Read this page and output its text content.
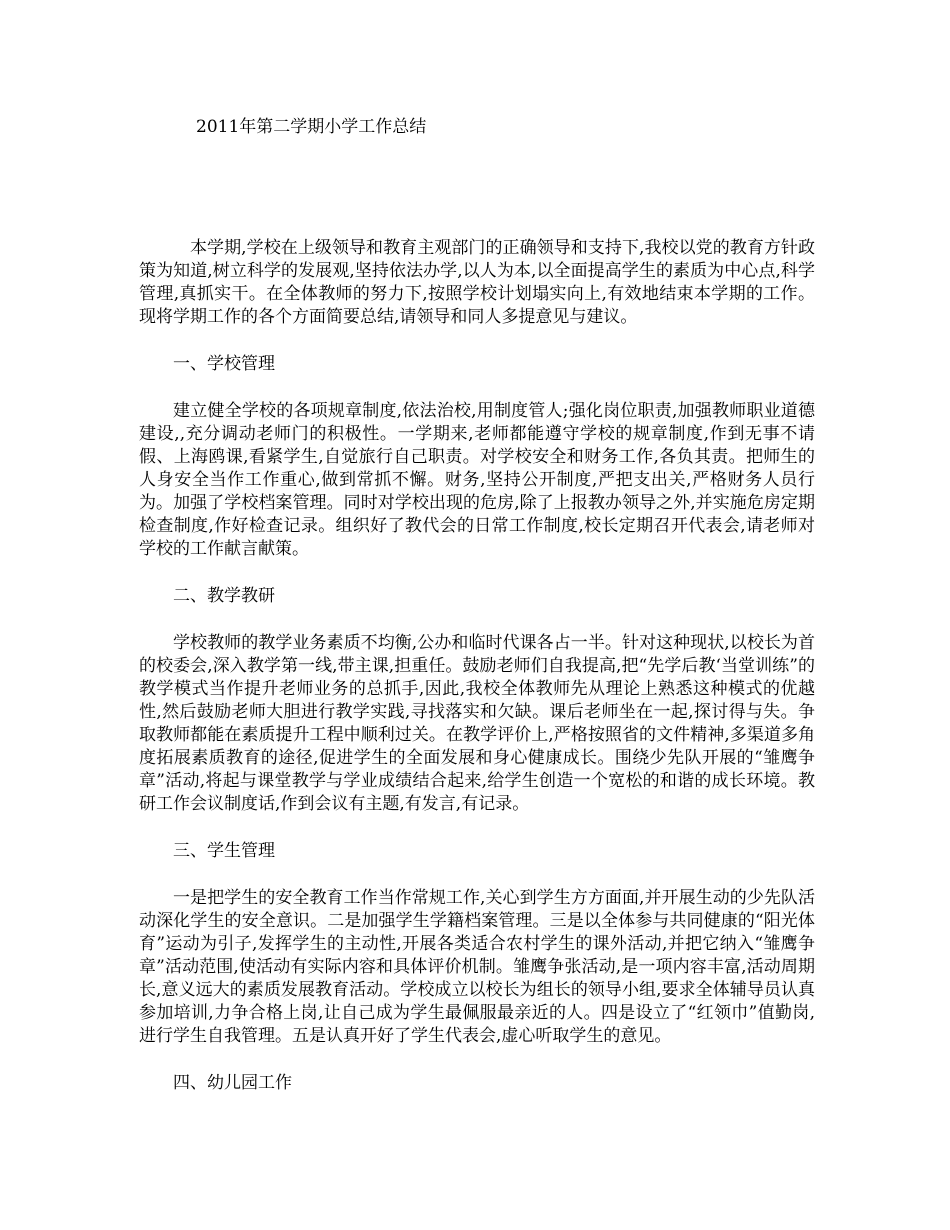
2011年第二学期小学工作总结

本学期,学校在上级领导和教育主观部门的正确领导和支持下,我校以党的教育方针政策为知道,树立科学的发展观,坚持依法办学,以人为本,以全面提高学生的素质为中心点,科学管理,真抓实干。在全体教师的努力下,按照学校计划塌实向上,有效地结束本学期的工作。现将学期工作的各个方面简要总结,请领导和同人多提意见与建议。

一、学校管理

建立健全学校的各项规章制度,依法治校,用制度管人;强化岗位职责,加强教师职业道德建设,,充分调动老师门的积极性。一学期来,老师都能遵守学校的规章制度,作到无事不请假、上海鸥课,看紧学生,自觉旅行自己职责。对学校安全和财务工作,各负其责。把师生的人身安全当作工作重心,做到常抓不懈。财务,坚持公开制度,严把支出关,严格财务人员行为。加强了学校档案管理。同时对学校出现的危房,除了上报教办领导之外,并实施危房定期检查制度,作好检查记录。组织好了教代会的日常工作制度,校长定期召开代表会,请老师对学校的工作献言献策。

二、教学教研

学校教师的教学业务素质不均衡,公办和临时代课各占一半。针对这种现状,以校长为首的校委会,深入教学第一线,带主课,担重任。鼓励老师们自我提高,把“先学后教‘当堂训练”的教学模式当作提升老师业务的总抓手,因此,我校全体教师先从理论上熟悉这种模式的优越性,然后鼓励老师大胆进行教学实践,寻找落实和欠缺。课后老师坐在一起,探讨得与失。争取教师都能在素质提升工程中顺利过关。在教学评价上,严格按照省的文件精神,多渠道多角度拓展素质教育的途径,促进学生的全面发展和身心健康成长。围绕少先队开展的“雏鹰争章”活动,将起与课堂教学与学业成绩结合起来,给学生创造一个宽松的和谐的成长环境。教研工作会议制度话,作到会议有主题,有发言,有记录。

三、学生管理

一是把学生的安全教育工作当作常规工作,关心到学生方方面面,并开展生动的少先队活动深化学生的安全意识。二是加强学生学籍档案管理。三是以全体参与共同健康的“阳光体育”运动为引子,发挥学生的主动性,开展各类适合农村学生的课外活动,并把它纳入“雏鹰争章”活动范围,使活动有实际内容和具体评价机制。雏鹰争张活动,是一项内容丰富,活动周期长,意义远大的素质发展教育活动。学校成立以校长为组长的领导小组,要求全体辅导员认真参加培训,力争合格上岗,让自己成为学生最佩服最亲近的人。四是设立了“红领巾”值勤岗,进行学生自我管理。五是认真开好了学生代表会,虚心听取学生的意见。

四、幼儿园工作
